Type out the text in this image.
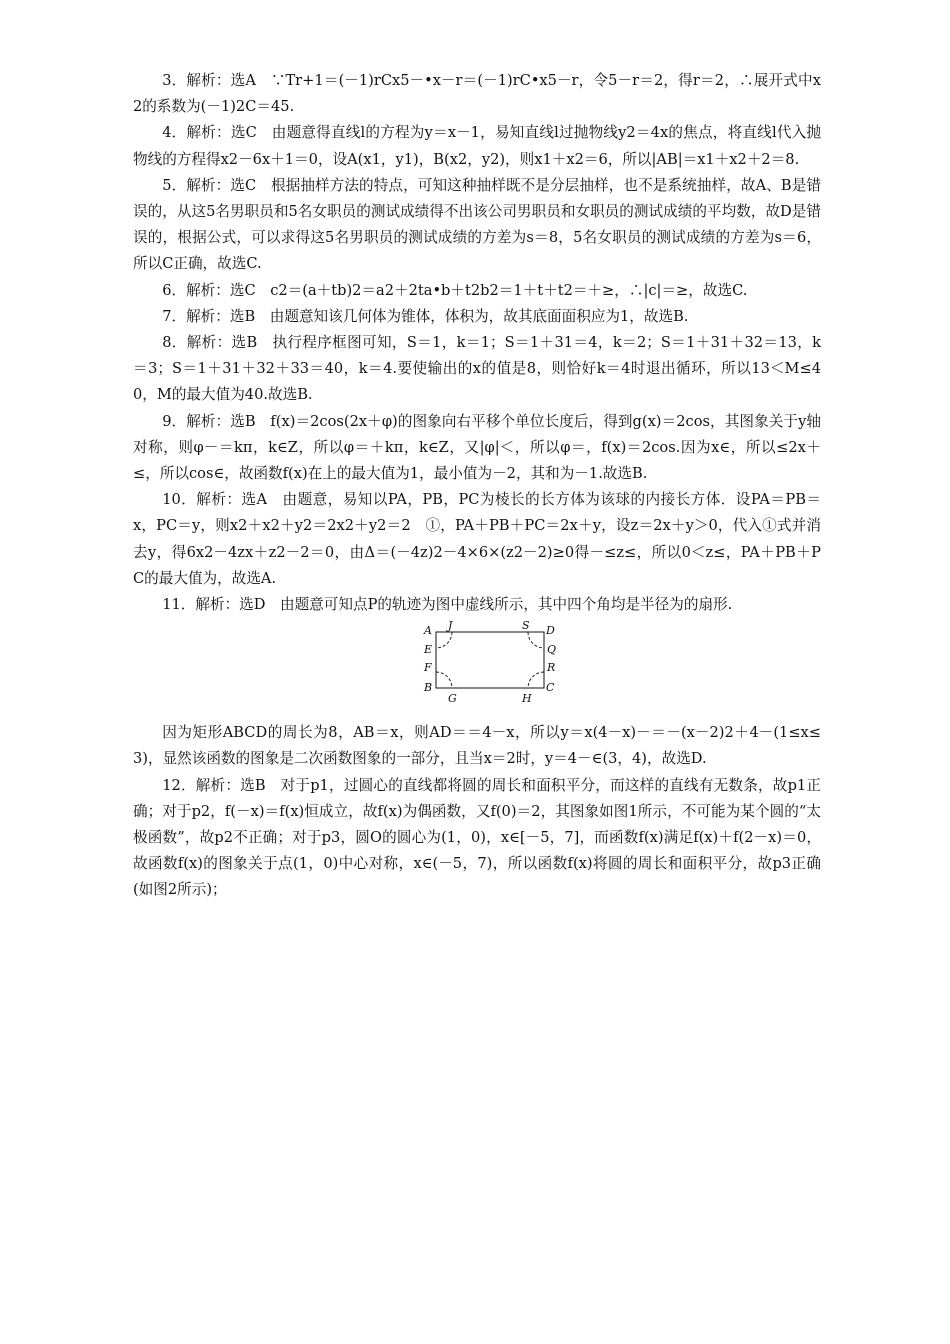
3．解析：选A　∵Tr+1＝(－1)rCx5－•x－r＝(－1)rC•x5－r，令5－r＝2，得r＝2，∴展开式中x2的系数为(－1)2C＝45.

4．解析：选C　由题意得直线l的方程为y＝x－1，易知直线l过抛物线y2＝4x的焦点，将直线l代入抛物线的方程得x2－6x＋1＝0，设A(x1，y1)，B(x2，y2)，则x1＋x2＝6，所以|AB|＝x1＋x2＋2＝8.

5．解析：选C　根据抽样方法的特点，可知这种抽样既不是分层抽样，也不是系统抽样，故A、B是错误的，从这5名男职员和5名女职员的测试成绩得不出该公司男职员和女职员的测试成绩的平均数，故D是错误的，根据公式，可以求得这5名男职员的测试成绩的方差为s＝8，5名女职员的测试成绩的方差为s＝6，所以C正确，故选C.

6．解析：选C　c2＝(a＋tb)2＝a2＋2ta•b＋t2b2＝1＋t＋t2＝＋≥，∴|c|＝≥，故选C.

7．解析：选B　由题意知该几何体为锥体，体积为，故其底面面积应为1，故选B.

8．解析：选B　执行程序框图可知，S＝1，k＝1；S＝1＋31＝4，k＝2；S＝1＋31＋32＝13，k＝3；S＝1＋31＋32＋33＝40，k＝4.要使输出的x的值是8，则恰好k＝4时退出循环，所以13＜M≤40，M的最大值为40.故选B.

9．解析：选B　f(x)＝2cos(2x＋φ)的图象向右平移个单位长度后，得到g(x)＝2cos，其图象关于y轴对称，则φ－＝kπ，k∈Z，所以φ＝＋kπ，k∈Z，又|φ|＜，所以φ＝，f(x)＝2cos.因为x∈，所以≤2x＋≤，所以cos∈，故函数f(x)在上的最大值为1，最小值为－2，其和为－1.故选B.

10．解析：选A　由题意，易知以PA，PB，PC为棱长的长方体为该球的内接长方体．设PA＝PB＝x，PC＝y，则x2＋x2＋y2＝2x2＋y2＝2　①，PA＋PB＋PC＝2x＋y，设z＝2x＋y＞0，代入①式并消去y，得6x2－4zx＋z2－2＝0，由Δ＝(－4z)2－4×6×(z2－2)≥0得－≤z≤，所以0＜z≤，PA＋PB＋PC的最大值为，故选A.

11．解析：选D　由题意可知点P的轨迹为图中虚线所示，其中四个角均是半径为的扇形.

A J	S D
E	Q
F	R
B
G	H
C

因为矩形ABCD的周长为8，AB＝x，则AD＝＝4－x，所以y＝x(4－x)－＝－(x－2)2＋4－(1≤x≤3)，显然该函数的图象是二次函数图象的一部分，且当x＝2时，y＝4－∈(3，4)，故选D.

12．解析：选B　对于p1，过圆心的直线都将圆的周长和面积平分，而这样的直线有无数条，故p1正确；对于p2，f(－x)＝f(x)恒成立，故f(x)为偶函数，又f(0)＝2，其图象如图1所示，不可能为某个圆的“太极函数”，故p2不正确；对于p3，圆O的圆心为(1，0)，x∈[－5，7]，而函数f(x)满足f(x)＋f(2－x)＝0，故函数f(x)的图象关于点(1，0)中心对称，x∈(－5，7)，所以函数f(x)将圆的周长和面积平分，故p3正确(如图2所示)；
